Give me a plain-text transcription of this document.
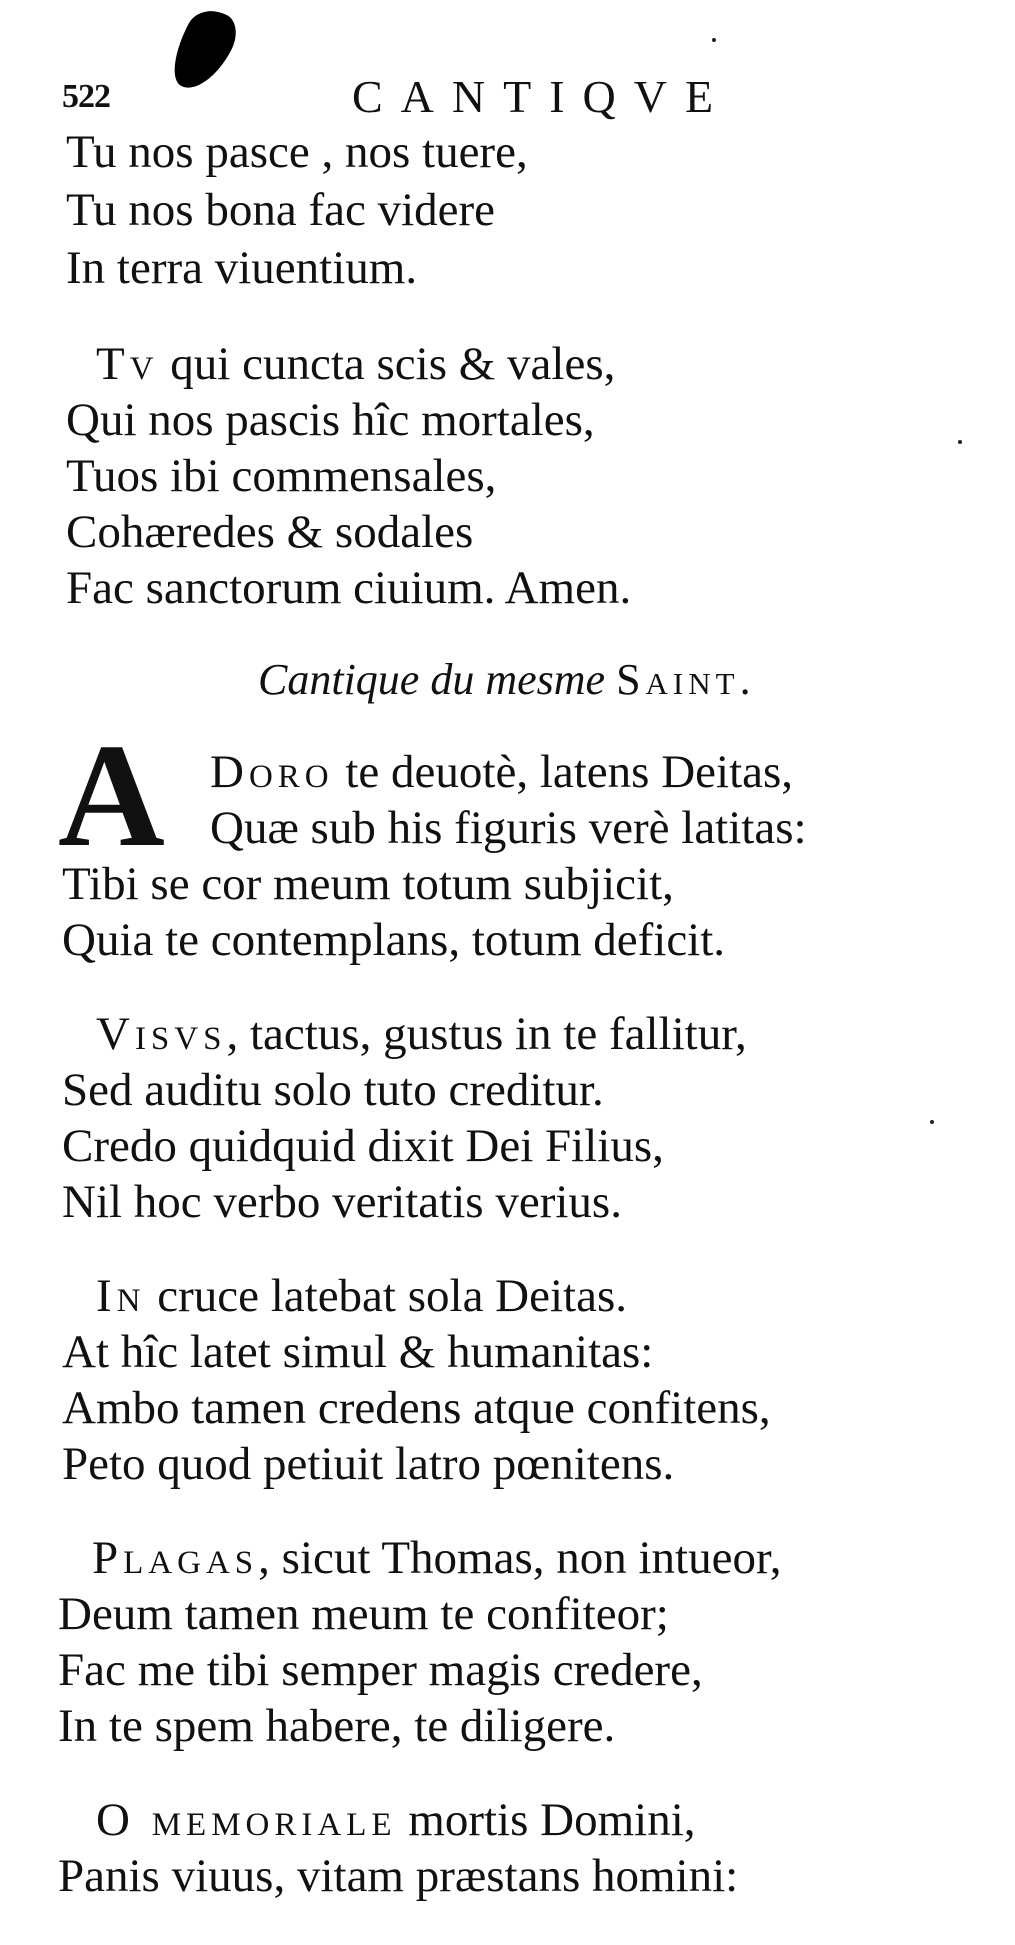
522	CANTIQVE
Tu nos pasce , nos tuere,
Tu nos bona fac videre
In terra viuentium.
Tv qui cuncta scis & vales,
Qui nos pascis hîc mortales,
Tuos ibi commensales,
Cohæredes & sodales
Fac sanctorum ciuium. Amen.
Cantique du mesme Saint.
A Doro te deuotè, latens Deitas,
Quæ sub his figuris verè latitas:
Tibi se cor meum totum subjicit,
Quia te contemplans, totum deficit.
Visvs, tactus, gustus in te fallitur,
Sed auditu solo tuto creditur.
Credo quidquid dixit Dei Filius,
Nil hoc verbo veritatis verius.
In cruce latebat sola Deitas.
At hîc latet simul & humanitas:
Ambo tamen credens atque confitens,
Peto quod petiuit latro pœnitens.
Plagas, sicut Thomas, non intueor,
Deum tamen meum te confiteor;
Fac me tibi semper magis credere,
In te spem habere, te diligere.
O memoriale mortis Domini,
Panis viuus, vitam præstans homini:
